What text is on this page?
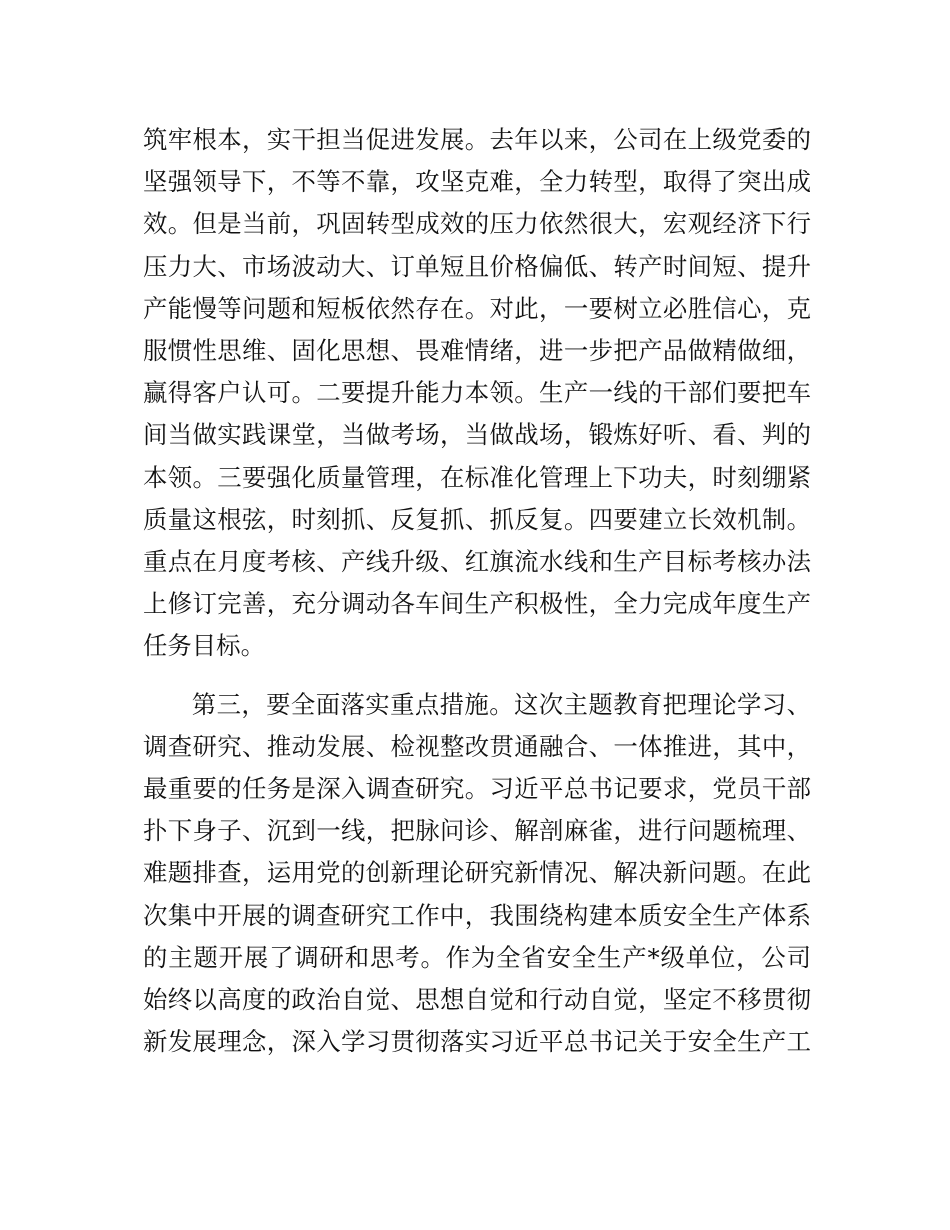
筑牢根本，实干担当促进发展。去年以来，公司在上级党委的
坚强领导下，不等不靠，攻坚克难，全力转型，取得了突出成
效。但是当前，巩固转型成效的压力依然很大，宏观经济下行
压力大、市场波动大、订单短且价格偏低、转产时间短、提升
产能慢等问题和短板依然存在。对此，一要树立必胜信心，克
服惯性思维、固化思想、畏难情绪，进一步把产品做精做细，
赢得客户认可。二要提升能力本领。生产一线的干部们要把车
间当做实践课堂，当做考场，当做战场，锻炼好听、看、判的
本领。三要强化质量管理，在标准化管理上下功夫，时刻绷紧
质量这根弦，时刻抓、反复抓、抓反复。四要建立长效机制。
重点在月度考核、产线升级、红旗流水线和生产目标考核办法
上修订完善，充分调动各车间生产积极性，全力完成年度生产
任务目标。

第三，要全面落实重点措施。这次主题教育把理论学习、
调查研究、推动发展、检视整改贯通融合、一体推进，其中，
最重要的任务是深入调查研究。习近平总书记要求，党员干部
扑下身子、沉到一线，把脉问诊、解剖麻雀，进行问题梳理、
难题排查，运用党的创新理论研究新情况、解决新问题。在此
次集中开展的调查研究工作中，我围绕构建本质安全生产体系
的主题开展了调研和思考。作为全省安全生产*级单位，公司
始终以高度的政治自觉、思想自觉和行动自觉，坚定不移贯彻
新发展理念，深入学习贯彻落实习近平总书记关于安全生产工
